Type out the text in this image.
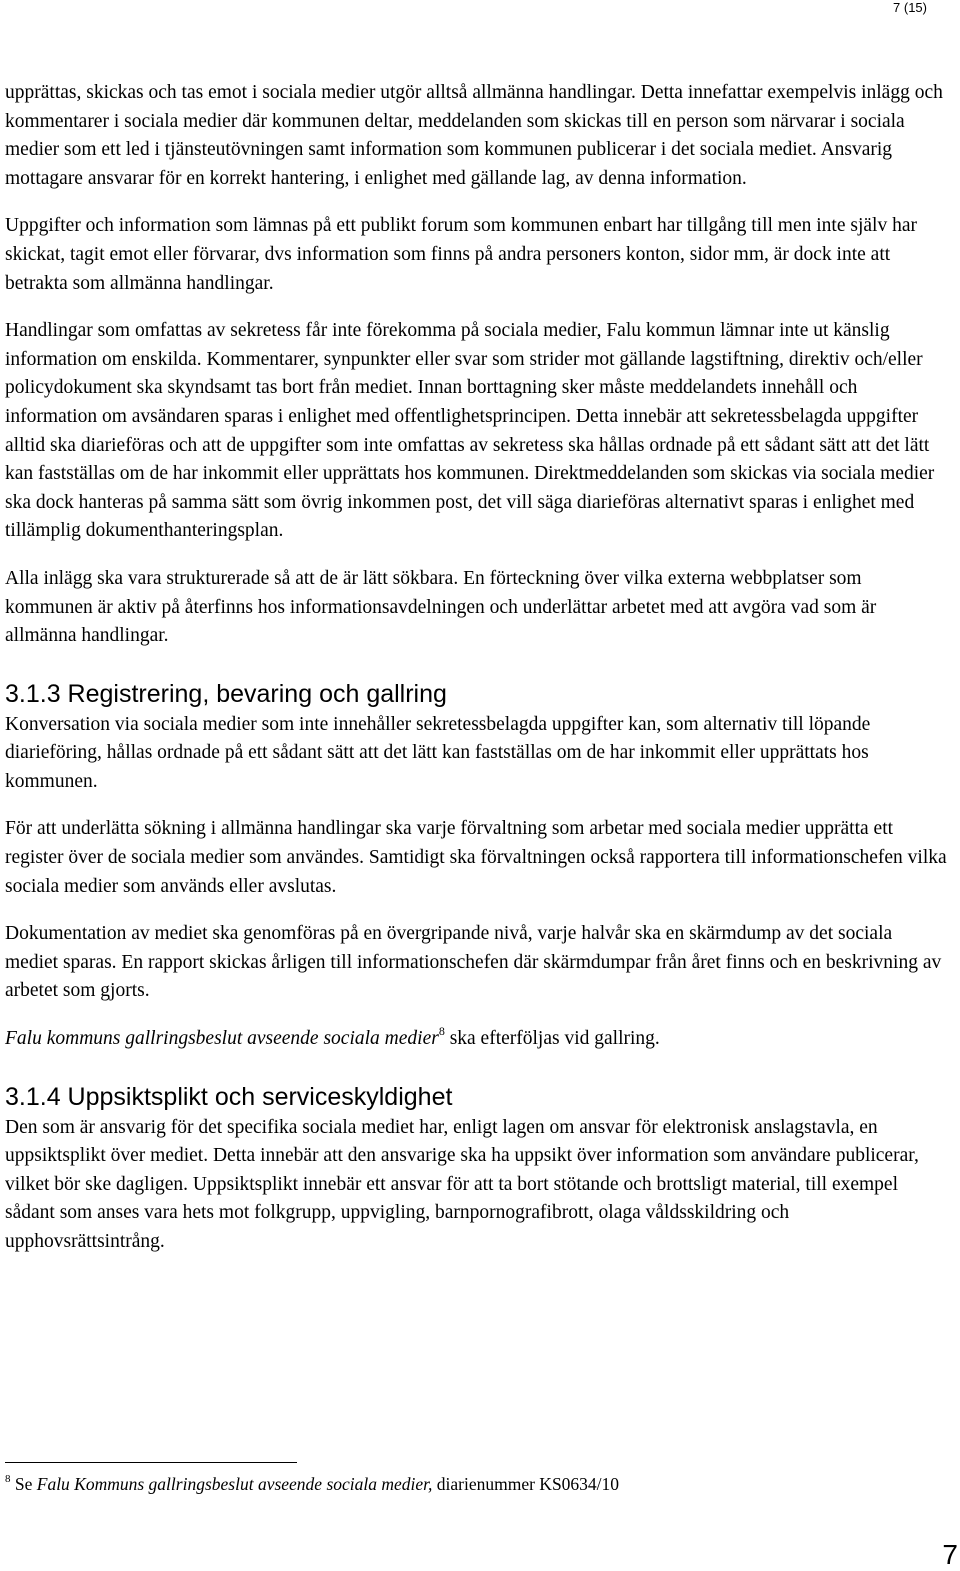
7 (15)

upprättas, skickas och tas emot i sociala medier utgör alltså allmänna handlingar. Detta innefattar exempelvis inlägg och kommentarer i sociala medier där kommunen deltar, meddelanden som skickas till en person som närvarar i sociala medier som ett led i tjänsteutövningen samt information som kommunen publicerar i det sociala mediet. Ansvarig mottagare ansvarar för en korrekt hantering, i enlighet med gällande lag, av denna information.

Uppgifter och information som lämnas på ett publikt forum som kommunen enbart har tillgång till men inte själv har skickat, tagit emot eller förvarar, dvs information som finns på andra personers konton, sidor mm, är dock inte att betrakta som allmänna handlingar.

Handlingar som omfattas av sekretess får inte förekomma på sociala medier, Falu kommun lämnar inte ut känslig information om enskilda. Kommentarer, synpunkter eller svar som strider mot gällande lagstiftning, direktiv och/eller policydokument ska skyndsamt tas bort från mediet. Innan borttagning sker måste meddelandets innehåll och information om avsändaren sparas i enlighet med offentlighetsprincipen. Detta innebär att sekretessbelagda uppgifter alltid ska diarieföras och att de uppgifter som inte omfattas av sekretess ska hållas ordnade på ett sådant sätt att det lätt kan fastställas om de har inkommit eller upprättats hos kommunen. Direktmeddelanden som skickas via sociala medier ska dock hanteras på samma sätt som övrig inkommen post, det vill säga diarieföras alternativt sparas i enlighet med tillämplig dokumenthanteringsplan.

Alla inlägg ska vara strukturerade så att de är lätt sökbara. En förteckning över vilka externa webbplatser som kommunen är aktiv på återfinns hos informationsavdelningen och underlättar arbetet med att avgöra vad som är allmänna handlingar.

3.1.3 Registrering, bevaring och gallring

Konversation via sociala medier som inte innehåller sekretessbelagda uppgifter kan, som alternativ till löpande diarieföring, hållas ordnade på ett sådant sätt att det lätt kan fastställas om de har inkommit eller upprättats hos kommunen.

För att underlätta sökning i allmänna handlingar ska varje förvaltning som arbetar med sociala medier upprätta ett register över de sociala medier som användes. Samtidigt ska förvaltningen också rapportera till informationschefen vilka sociala medier som används eller avslutas.

Dokumentation av mediet ska genomföras på en övergripande nivå, varje halvår ska en skärmdump av det sociala mediet sparas. En rapport skickas årligen till informationschefen där skärmdumpar från året finns och en beskrivning av arbetet som gjorts.

Falu kommuns gallringsbeslut avseende sociala medier$^8$ ska efterföljas vid gallring.

3.1.4 Uppsiktsplikt och serviceskyldighet

Den som är ansvarig för det specifika sociala mediet har, enligt lagen om ansvar för elektronisk anslagstavla, en uppsiktsplikt över mediet. Detta innebär att den ansvarige ska ha uppsikt över information som användare publicerar, vilket bör ske dagligen. Uppsiktsplikt innebär ett ansvar för att ta bort stötande och brottsligt material, till exempel sådant som anses vara hets mot folkgrupp, uppvigling, barnpornografibrott, olaga våldsskildring och upphovsrättsintrång.

$^8$ Se Falu Kommuns gallringsbeslut avseende sociala medier, diarienummer KS0634/10
7
